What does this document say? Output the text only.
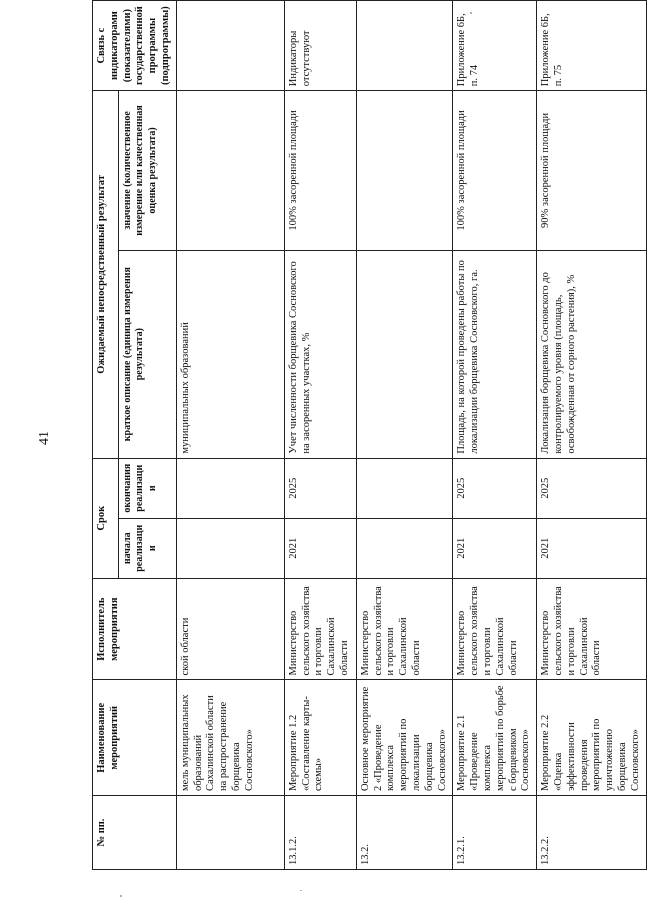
41
№ пп.	Наименование мероприятий	Исполнитель мероприятия	Срок		Ожидаемый непосредственный результат		Связь с индикаторами (показателями) государственной программы (подпрограммы)
			начала реализации	окончания реализации	краткое описание (единица измерения результата)	значение (количественное измерение или качественная оценка результата)	
	мель муниципальных образований Сахалинской области на распространение борщевика Сосновского»	ской области			муниципальных образований		
13.1.2.	Мероприятие 1.2 «Составление карты-схемы»	Министерство сельского хозяйства и торговли Сахалинской области	2021	2025	Учет численности борщевика Сосновского на засоренных участках, %	100% засоренной площади	Индикаторы отсутствуют
13.2.	Основное мероприятие 2 «Проведение комплекса мероприятий по локализации борщевика Сосновского»	Министерство сельского хозяйства и торговли Сахалинской области					
13.2.1.	Мероприятие 2.1 «Проведение комплекса мероприятий по борьбе с борщевиком Сосновского»	Министерство сельского хозяйства и торговли Сахалинской области	2021	2025	Площадь, на которой проведены работы по локализации борщевика Сосновского, га.	100% засоренной площади	Приложение 6Б, п. 74
13.2.2.	Мероприятие 2.2 «Оценка эффективности проведения мероприятий по уничтожению борщевика Сосновского»	Министерство сельского хозяйства и торговли Сахалинской области	2021	2025	Локализация борщевика Сосновского до контролируемого уровня (площадь, освобожденная от сорного растения), %	90% засоренной площади	Приложение 6Б, п. 75
